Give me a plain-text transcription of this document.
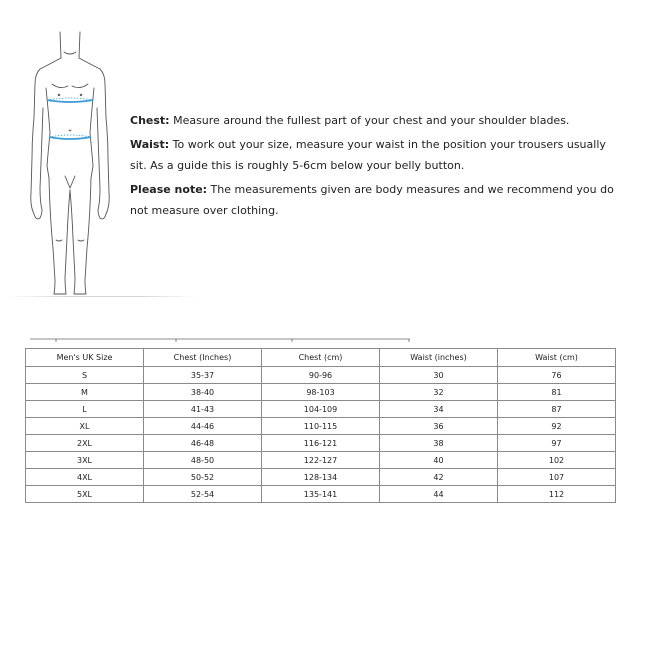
Chest: Measure around the fullest part of your chest and your shoulder blades.

Waist: To work out your size, measure your waist in the position your trousers usually sit. As a guide this is roughly 5-6cm below your belly button.

Please note: The measurements given are body measures and we recommend you do not measure over clothing.

Men's UK Size	Chest (Inches)	Chest (cm)	Waist (inches)	Waist (cm)
S	35-37	90-96	30	76
M	38-40	98-103	32	81
L	41-43	104-109	34	87
XL	44-46	110-115	36	92
2XL	46-48	116-121	38	97
3XL	48-50	122-127	40	102
4XL	50-52	128-134	42	107
5XL	52-54	135-141	44	112
